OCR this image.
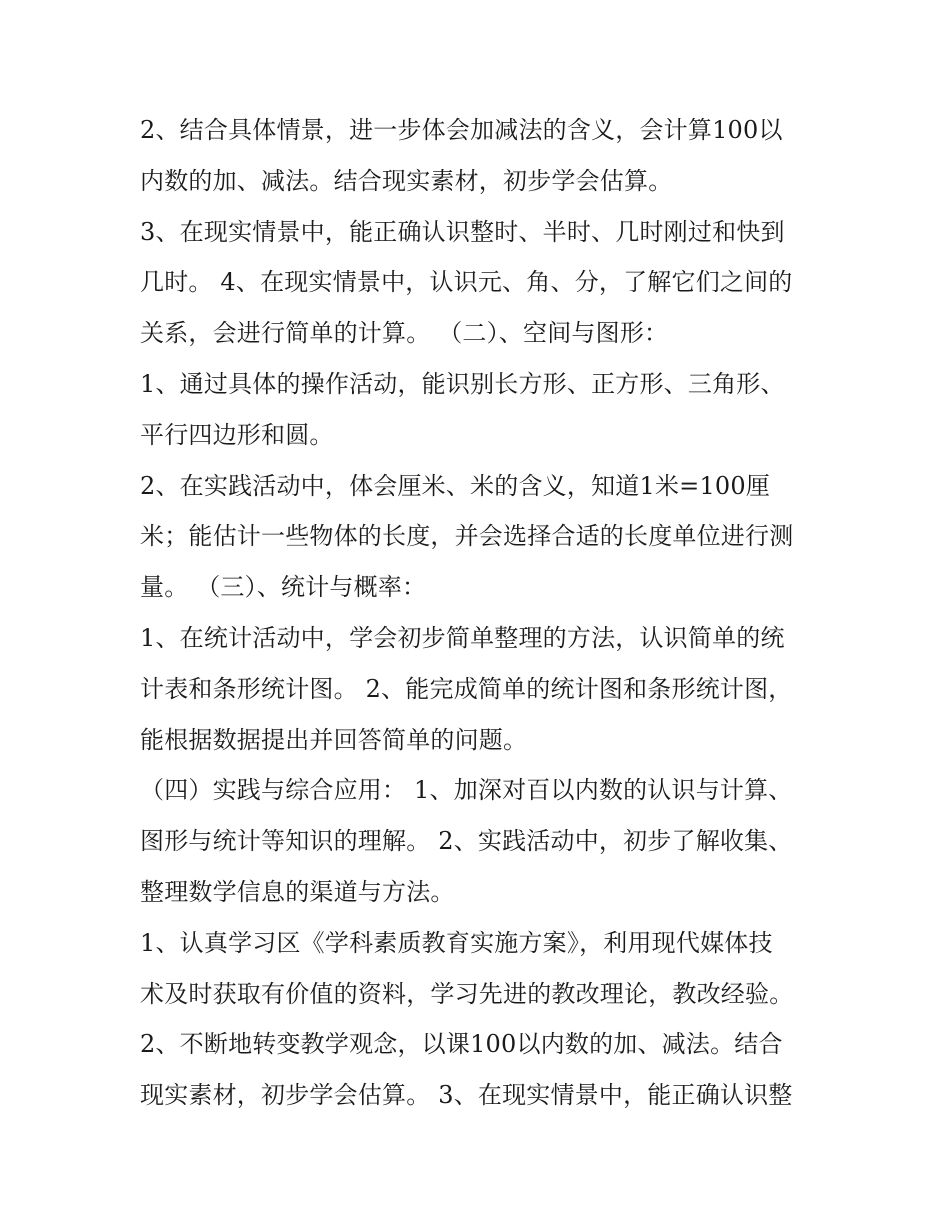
2、结合具体情景，进一步体会加减法的含义，会计算100以
内数的加、减法。结合现实素材，初步学会估算。
3、在现实情景中，能正确认识整时、半时、几时刚过和快到
几时。 4、在现实情景中，认识元、角、分，了解它们之间的
关系，会进行简单的计算。 （二）、空间与图形：
1、通过具体的操作活动，能识别长方形、正方形、三角形、
平行四边形和圆。
2、在实践活动中，体会厘米、米的含义，知道1米=100厘
米；能估计一些物体的长度，并会选择合适的长度单位进行测
量。 （三）、统计与概率：
1、在统计活动中，学会初步简单整理的方法，认识简单的统
计表和条形统计图。 2、能完成简单的统计图和条形统计图，
能根据数据提出并回答简单的问题。
（四）实践与综合应用： 1、加深对百以内数的认识与计算、
图形与统计等知识的理解。 2、实践活动中，初步了解收集、
整理数学信息的渠道与方法。
1、认真学习区《学科素质教育实施方案》，利用现代媒体技
术及时获取有价值的资料，学习先进的教改理论，教改经验。
2、不断地转变教学观念，以课100以内数的加、减法。结合
现实素材，初步学会估算。 3、在现实情景中，能正确认识整
